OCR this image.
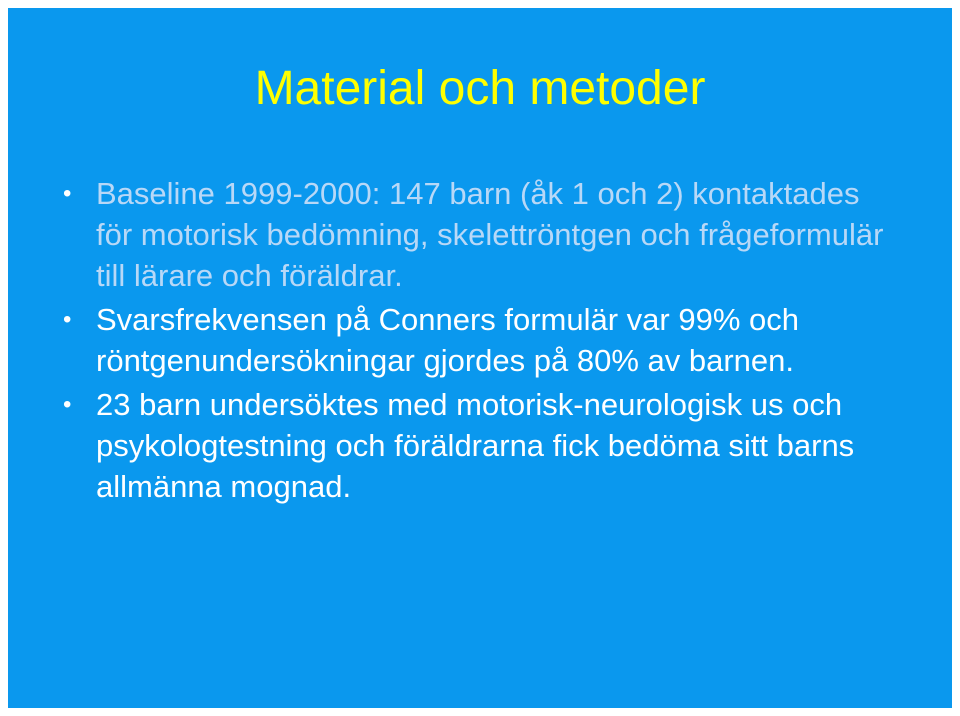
Material och metoder
• Baseline 1999-2000: 147 barn (åk 1 och 2) kontaktades för motorisk bedömning, skelettröntgen och frågeformulär till lärare och föräldrar.
• Svarsfrekvensen på Conners formulär var 99% och röntgenundersökningar gjordes på 80% av barnen.
• 23 barn undersöktes med motorisk-neurologisk us och psykologtestning och föräldrarna fick bedöma sitt barns allmänna mognad.
